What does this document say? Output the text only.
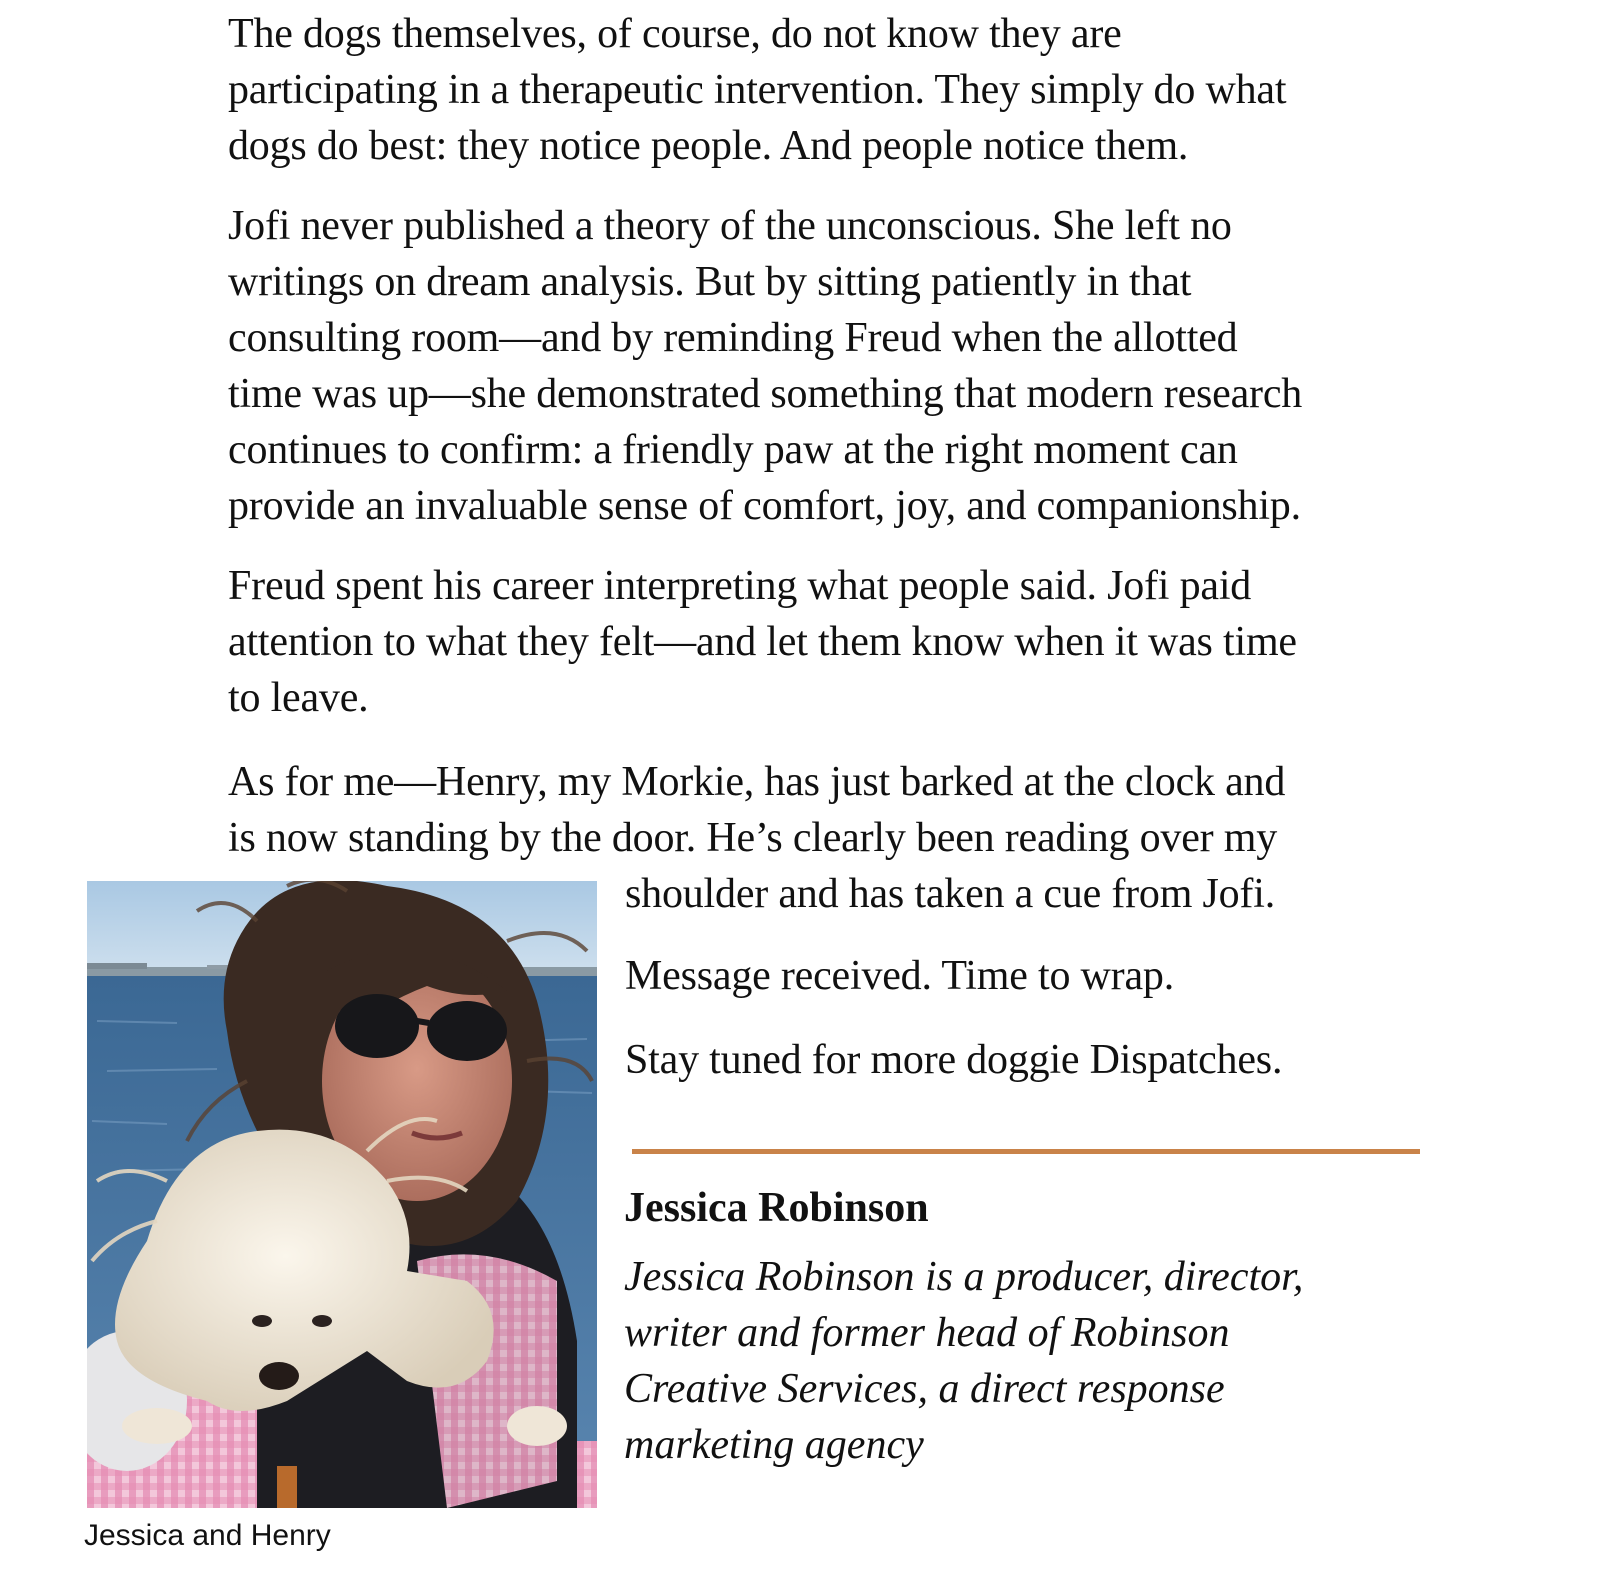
The dogs themselves, of course, do not know they are
participating in a therapeutic intervention. They simply do what
dogs do best: they notice people. And people notice them.

Jofi never published a theory of the unconscious. She left no
writings on dream analysis. But by sitting patiently in that
consulting room—and by reminding Freud when the allotted
time was up—she demonstrated something that modern research
continues to confirm: a friendly paw at the right moment can
provide an invaluable sense of comfort, joy, and companionship.

Freud spent his career interpreting what people said. Jofi paid
attention to what they felt—and let them know when it was time
to leave.

As for me—Henry, my Morkie, has just barked at the clock and
is now standing by the door. He’s clearly been reading over my

shoulder and has taken a cue from Jofi.

Message received. Time to wrap.

Stay tuned for more doggie Dispatches.

Jessica and Henry

Jessica Robinson

Jessica Robinson is a producer, director,
writer and former head of Robinson
Creative Services, a direct response
marketing agency
